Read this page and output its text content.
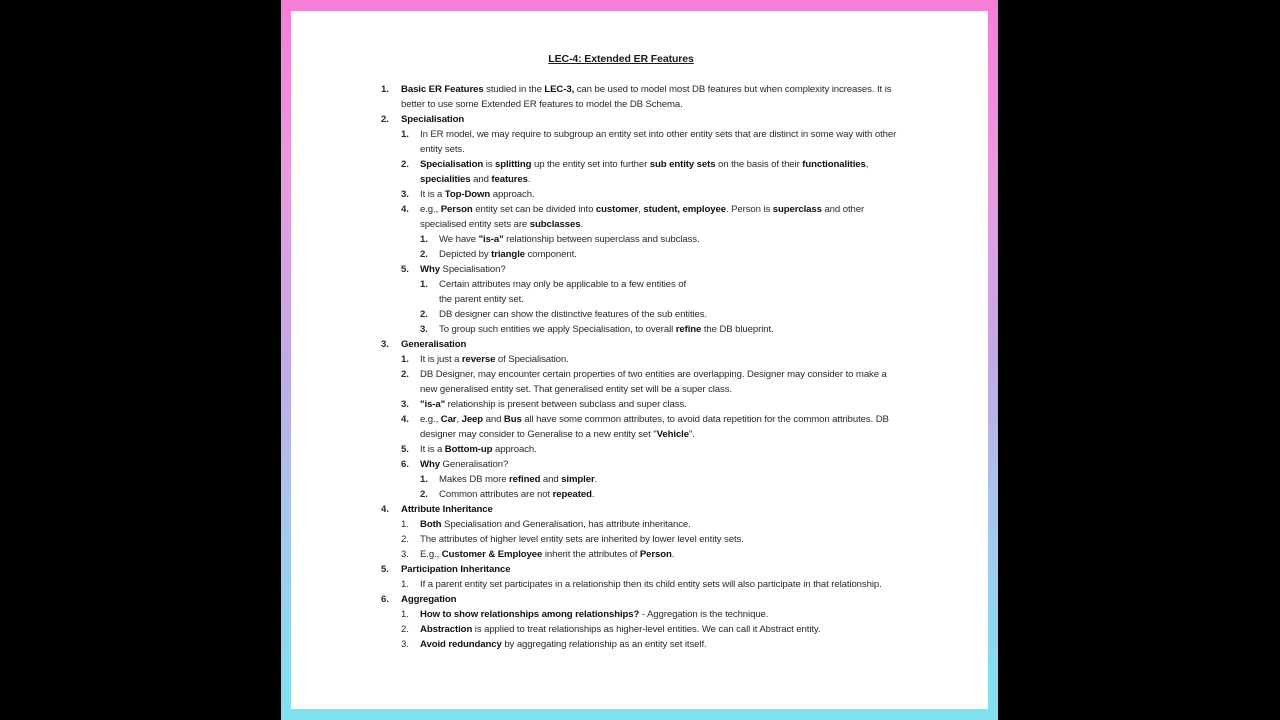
LEC-4: Extended ER Features
1. Basic ER Features studied in the LEC-3, can be used to model most DB features but when complexity increases. It is better to use some Extended ER features to model the DB Schema.
2. Specialisation
1. In ER model, we may require to subgroup an entity set into other entity sets that are distinct in some way with other entity sets.
2. Specialisation is splitting up the entity set into further sub entity sets on the basis of their functionalities, specialities and features.
3. It is a Top-Down approach.
4. e.g., Person entity set can be divided into customer, student, employee. Person is superclass and other specialised entity sets are subclasses.
1. We have "is-a" relationship between superclass and subclass.
2. Depicted by triangle component.
5. Why Specialisation?
1. Certain attributes may only be applicable to a few entities of the parent entity set.
2. DB designer can show the distinctive features of the sub entities.
3. To group such entities we apply Specialisation, to overall refine the DB blueprint.
3. Generalisation
1. It is just a reverse of Specialisation.
2. DB Designer, may encounter certain properties of two entities are overlapping. Designer may consider to make a new generalised entity set. That generalised entity set will be a super class.
3. "is-a" relationship is present between subclass and super class.
4. e.g., Car, Jeep and Bus all have some common attributes, to avoid data repetition for the common attributes. DB designer may consider to Generalise to a new entity set "Vehicle".
5. It is a Bottom-up approach.
6. Why Generalisation?
1. Makes DB more refined and simpler.
2. Common attributes are not repeated.
4. Attribute Inheritance
1. Both Specialisation and Generalisation, has attribute inheritance.
2. The attributes of higher level entity sets are inherited by lower level entity sets.
3. E.g., Customer & Employee inherit the attributes of Person.
5. Participation Inheritance
1. If a parent entity set participates in a relationship then its child entity sets will also participate in that relationship.
6. Aggregation
1. How to show relationships among relationships? - Aggregation is the technique.
2. Abstraction is applied to treat relationships as higher-level entities. We can call it Abstract entity.
3. Avoid redundancy by aggregating relationship as an entity set itself.
